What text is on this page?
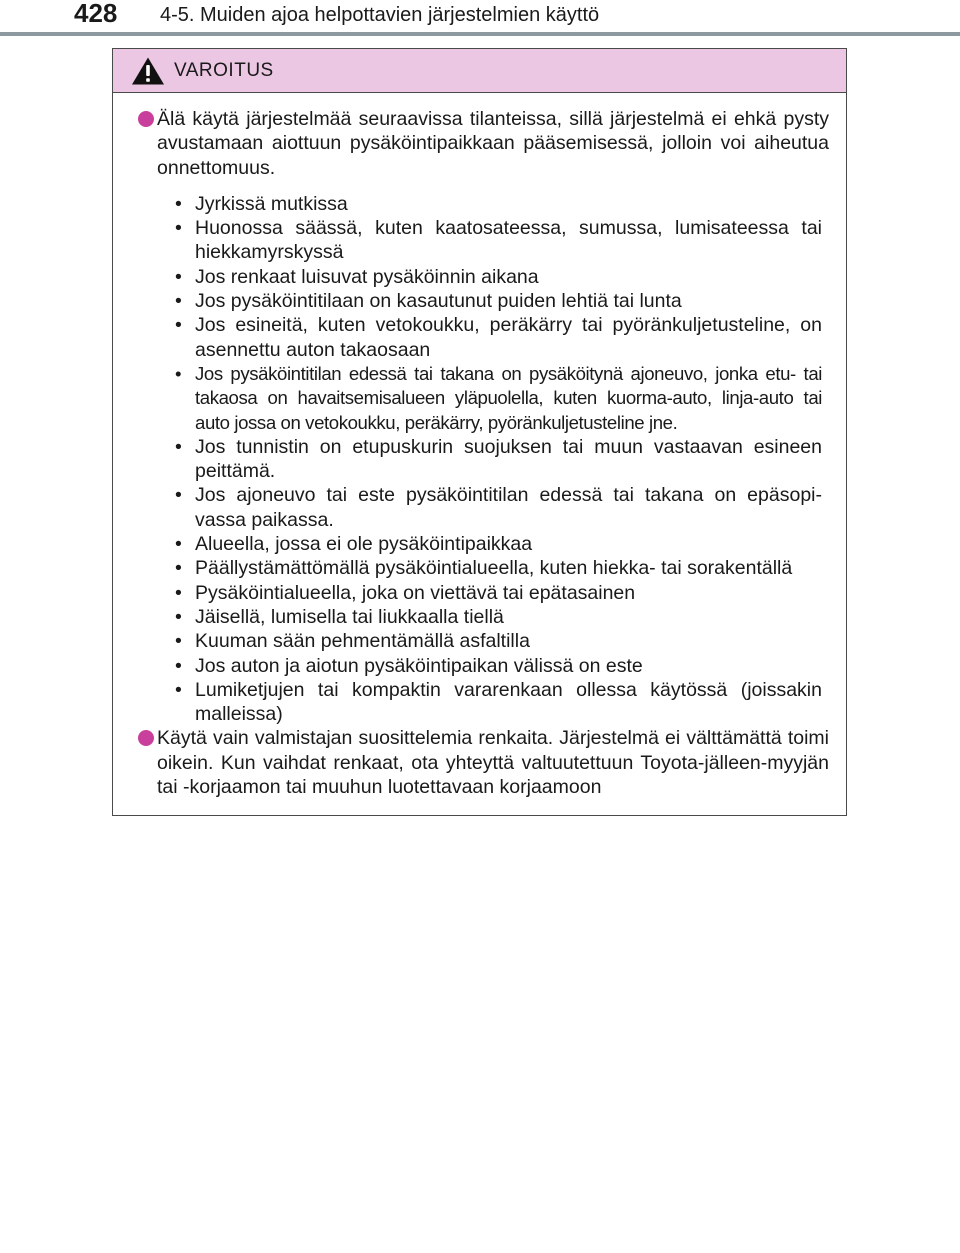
428 4-5. Muiden ajoa helpottavien järjestelmien käyttö
VAROITUS
Älä käytä järjestelmää seuraavissa tilanteissa, sillä järjestelmä ei ehkä pysty avustamaan aiottuun pysäköintipaikkaan pääsemisessä, jolloin voi aiheutua onnettomuus.
• Jyrkissä mutkissa
• Huonossa säässä, kuten kaatosateessa, sumussa, lumisateessa tai hiekkamyrskyssä
• Jos renkaat luisuvat pysäköinnin aikana
• Jos pysäköintitilaan on kasautunut puiden lehtiä tai lunta
• Jos esineitä, kuten vetokoukku, peräkärry tai pyöränkuljetusteline, on asennettu auton takaosaan
• Jos pysäköintitilan edessä tai takana on pysäköitynä ajoneuvo, jonka etu- tai takaosa on havaitsemisalueen yläpuolella, kuten kuorma-auto, linja-auto tai auto jossa on vetokoukku, peräkärry, pyöränkuljetusteline jne.
• Jos tunnistin on etupuskurin suojuksen tai muun vastaavan esineen peittämä.
• Jos ajoneuvo tai este pysäköintitilan edessä tai takana on epäsopi-vassa paikassa.
• Alueella, jossa ei ole pysäköintipaikkaa
• Päällystämättömällä pysäköintialueella, kuten hiekka- tai sorakentällä
• Pysäköintialueella, joka on viettävä tai epätasainen
• Jäisellä, lumisella tai liukkaalla tiellä
• Kuuman sään pehmentämällä asfaltilla
• Jos auton ja aiotun pysäköintipaikan välissä on este
• Lumiketjujen tai kompaktin vararenkaan ollessa käytössä (joissakin malleissa)
Käytä vain valmistajan suosittelemia renkaita. Järjestelmä ei välttämättä toimi oikein. Kun vaihdat renkaat, ota yhteyttä valtuutettuun Toyota-jälleen-myyjän tai -korjaamon tai muuhun luotettavaan korjaamoon
